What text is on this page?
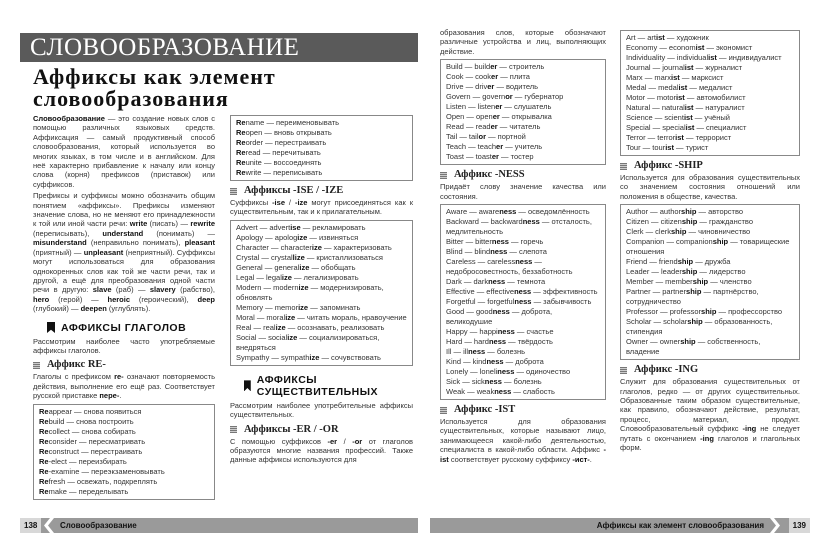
СЛОВООБРАЗОВАНИЕ
Аффиксы как элемент словообразования

Словообразование — это создание новых слов с помощью различных языковых средств. Аффиксация — самый продуктивный способ словообразования, который используется во многих языках, в том числе и в английском. Для неё характерно прибавление к началу или концу слова (корня) префиксов (приставок) или суффиксов.

Префиксы и суффиксы можно обозначить общим понятием «аффиксы». Префиксы изменяют значение слова, но не меняют его принадлежности к той или иной части речи: write (писать) — rewrite (переписывать), understand (понимать) — misunderstand (неправильно понимать), pleasant (приятный) — unpleasant (неприятный). Суффиксы могут использоваться для образования однокоренных слов как той же части речи, так и другой, а ещё для преобразования одной части речи в другую: slave (раб) — slavery (рабство), hero (герой) — heroic (героический), deep (глубокий) — deepen (углублять).

АФФИКСЫ ГЛАГОЛОВ

Рассмотрим наиболее часто употребляемые аффиксы глаголов.

Аффикс RE-

Глаголы с префиксом re- означают повторяемость действия, выполнение его ещё раз. Соответствует русской приставке пере-.

Reappear — снова появиться
Rebuild — снова построить
Recollect — снова собирать
Reconsider — пересматривать
Reconstruct — перестраивать
Re-elect — переизбирать
Re-examine — переэкзаменовывать
Refresh — освежать, подкреплять
Remake — переделывать
Rename — переименовывать
Reopen — вновь открывать
Reorder — перестраивать
Reread — перечитывать
Reunite — воссоединять
Rewrite — переписывать
Аффиксы -ISE / -IZE

Суффиксы -ise / -ize могут присоединяться как к существительным, так и к прилагательным.

Advert — advertise — рекламировать
Apology — apologize — извиняться
Character — characterize — характеризовать
Crystal — crystallize — кристаллизоваться
General — generalize — обобщать
Legal — legalize — легализировать
Modern — modernize — модернизировать, обновлять
Memory — memorize — запоминать
Moral — moralize — читать мораль, нравоучение
Real — realize — осознавать, реализовать
Social — socialize — социализироваться, внедряться
Sympathy — sympathize — сочувствовать
АФФИКСЫ СУЩЕСТВИТЕЛЬНЫХ

Рассмотрим наиболее употребительные аффиксы существительных.

Аффиксы -ER / -OR

С помощью суффиксов -er / -or от глаголов образуются многие названия профессий. Также данные аффиксы используются для

образования слов, которые обозначают различные устройства и лиц, выполняющих действие.

Build — builder — строитель
Cook — cooker — плита
Drive — driver — водитель
Govern — governor — губернатор
Listen — listener — слушатель
Open — opener — открывалка
Read — reader — читатель
Tail — tailor — портной
Teach — teacher — учитель
Toast — toaster — тостер
Аффикс -NESS

Придаёт слову значение качества или состояния.

Aware — awareness — осведомлённость
Backward — backwardness — отсталость, медлительность
Bitter — bitterness — горечь
Blind — blindness — слепота
Careless — carelessness — недобросовестность, беззаботность
Dark — darkness — темнота
Effective — effectiveness — эффективность
Forgetful — forgetfulness — забывчивость
Good — goodness — доброта, великодушие
Happy — happiness — счастье
Hard — hardness — твёрдость
Ill — illness — болезнь
Kind — kindness — доброта
Lonely — loneliness — одиночество
Sick — sickness — болезнь
Weak — weakness — слабость
Аффикс -IST

Используется для образования существительных, которые называют лицо, занимающееся какой-либо деятельностью, специалиста в какой-либо области. Аффикс -ist соответствует русскому суффиксу -ист-.

Art — artist — художник
Economy — economist — экономист
Individuality — individualist — индивидуалист
Journal — journalist — журналист
Marx — marxist — марксист
Medal — medalist — медалист
Motor — motorist — автомобилист
Natural — naturalist — натуралист
Science — scientist — учёный
Special — specialist — специалист
Terror — terrorist — террорист
Tour — tourist — турист
Аффикс -SHIP

Используется для образования существительных со значением состояния отношений или положения в обществе, качества.

Author — authorship — авторство
Citizen — citizenship — гражданство
Clerk — clerkship — чиновничество
Companion — companionship — товарищеские отношения
Friend — friendship — дружба
Leader — leadership — лидерство
Member — membership — членство
Partner — partnership — партнёрство, сотрудничество
Professor — professorship — профессорство
Scholar — scholarship — образованность, стипендия
Owner — ownership — собственность, владение
Аффикс -ING

Служит для образования существительных от глаголов, редко — от других существительных. Образованные таким образом существительные, как правило, обозначают действие, результат, процесс, материал, продукт. Словообразовательный суффикс -ing не следует путать с окончанием -ing глаголов и глагольных форм.

138	Словообразование	Аффиксы как элемент словообразования	139
